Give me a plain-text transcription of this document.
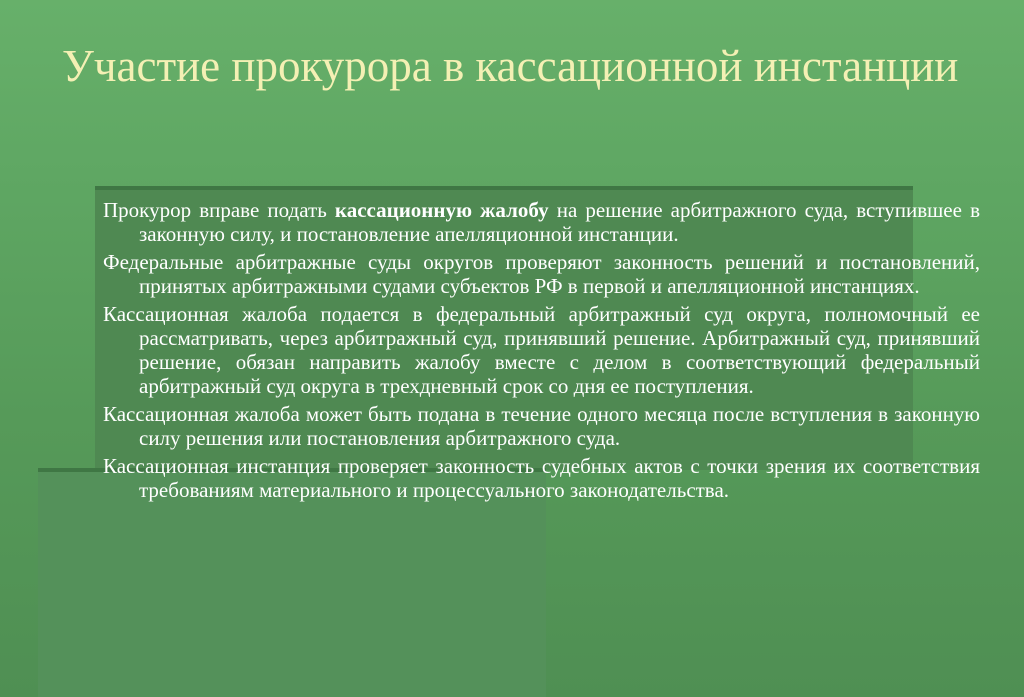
Участие прокурора в кассационной инстанции

Прокурор вправе подать кассационную жалобу на решение арбитражного суда, вступившее в законную силу, и постановление апелляционной инстанции.

Федеральные арбитражные суды округов проверяют законность решений и постановлений, принятых арбитражными судами субъектов РФ в первой и апелляционной инстанциях.

Кассационная жалоба подается в федеральный арбитражный суд округа, полномочный ее рассматривать, через арбитражный суд, принявший решение. Арбитражный суд, принявший решение, обязан направить жалобу вместе с делом в соответствующий федеральный арбитражный суд округа в трехдневный срок со дня ее поступления.

Кассационная жалоба может быть подана в течение одного месяца после вступления в законную силу решения или постановления арбитражного суда.

Кассационная инстанция проверяет законность судебных актов с точки зрения их соответствия требованиям материального и процессуального законодательства.
